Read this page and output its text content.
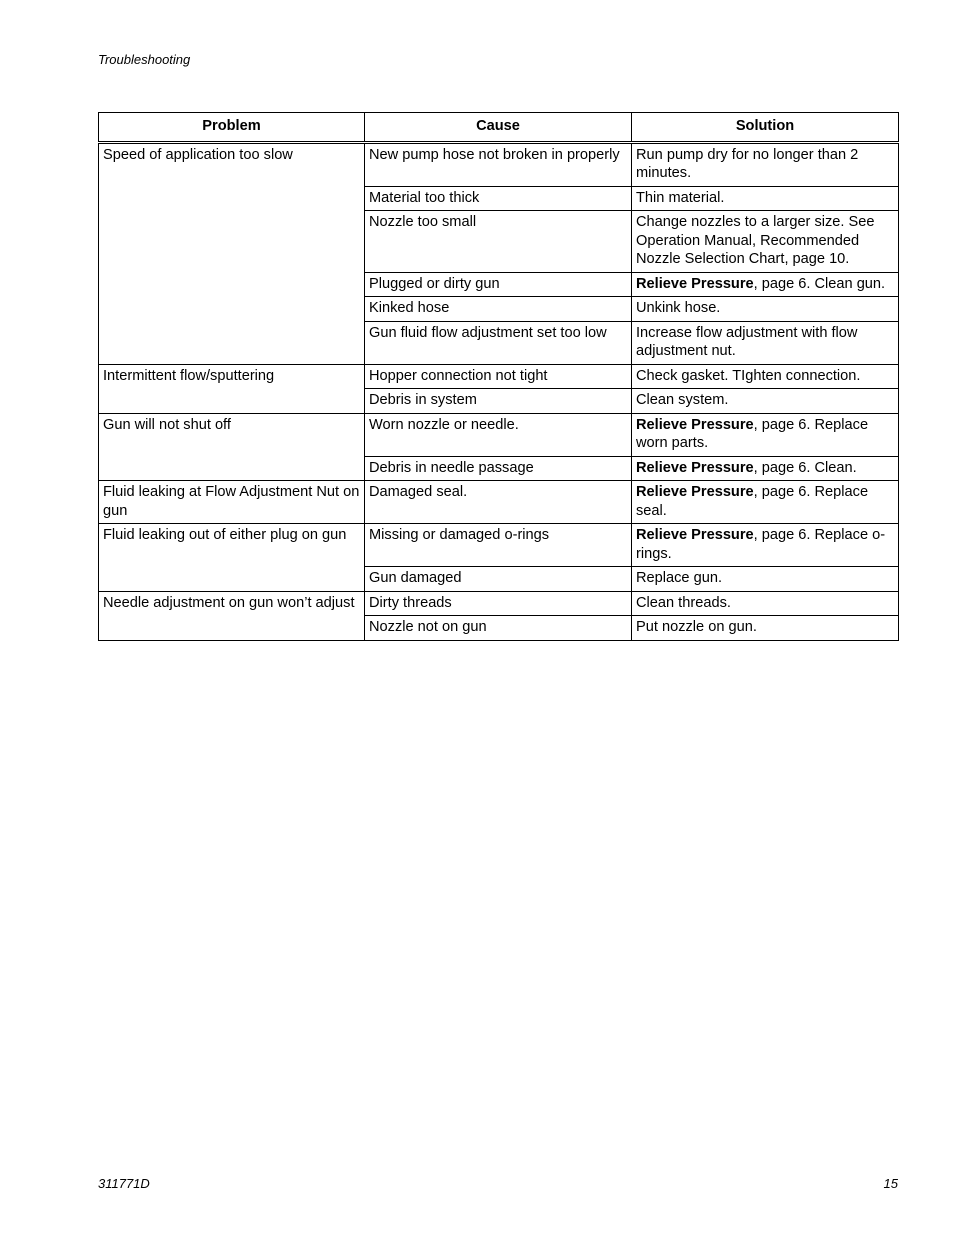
Troubleshooting
Problem	Cause	Solution
Speed of application too slow	New pump hose not broken in properly	Run pump dry for no longer than 2 minutes.
	Material too thick	Thin material.
	Nozzle too small	Change nozzles to a larger size. See Operation Manual, Recommended Nozzle Selection Chart, page 10.
	Plugged or dirty gun	Relieve Pressure, page 6. Clean gun.
	Kinked hose	Unkink hose.
	Gun fluid flow adjustment set too low	Increase flow adjustment with flow adjustment nut.
Intermittent flow/sputtering	Hopper connection not tight	Check gasket. TIghten connection.
	Debris in system	Clean system.
Gun will not shut off	Worn nozzle or needle.	Relieve Pressure, page 6. Replace worn parts.
	Debris in needle passage	Relieve Pressure, page 6. Clean.
Fluid leaking at Flow Adjustment Nut on gun	Damaged seal.	Relieve Pressure, page 6. Replace seal.
Fluid leaking out of either plug on gun	Missing or damaged o-rings	Relieve Pressure, page 6. Replace o-rings.
	Gun damaged	Replace gun.
Needle adjustment on gun won’t adjust	Dirty threads	Clean threads.
	Nozzle not on gun	Put nozzle on gun.
311771D	15
